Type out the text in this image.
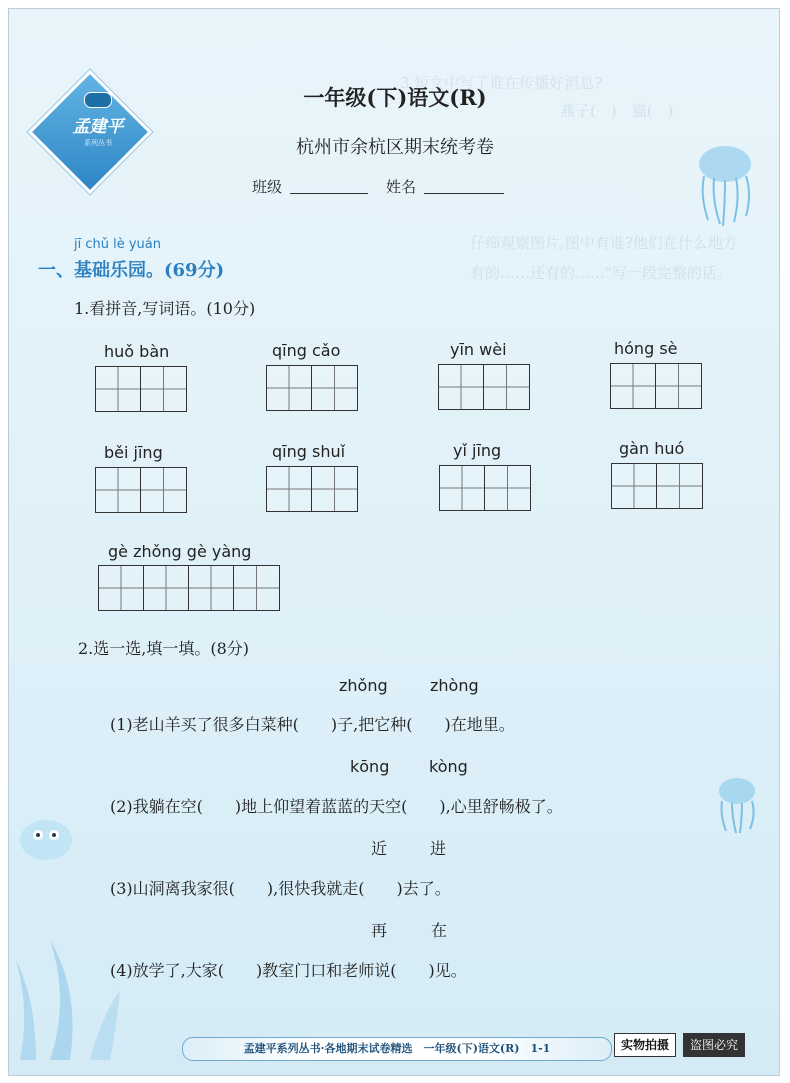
3.短文中写了谁在传播好消息?
燕子(　)　猫(　)
仔细观察图片,图中有谁?他们在什么地方
有的……还有的……"写一段完整的话。
孟建平
系列丛书
一年级(下)语文(R)
杭州市余杭区期末统考卷
班级	姓名
jī chǔ lè yuán
一、基础乐园。(69分)
1.看拼音,写词语。(10分)
huǒ bàn	qīng cǎo	yīn wèi	hóng sè
běi jīng	qīng shuǐ	yǐ jīng	gàn huó
gè zhǒng gè yàng
2.选一选,填一填。(8分)
zhǒng	zhòng
(1)老山羊买了很多白菜种(　　)子,把它种(　　)在地里。
kōng kòng
(2)我躺在空(　　)地上仰望着蓝蓝的天空(　　),心里舒畅极了。
近	进
(3)山洞离我家很(　　),很快我就走(　　)去了。
再	在
(4)放学了,大家(　　)教室门口和老师说(　　)见。
孟建平系列丛书·各地期末试卷精选　一年级(下)语文(R)　1-1	实物拍摄	盗图必究
